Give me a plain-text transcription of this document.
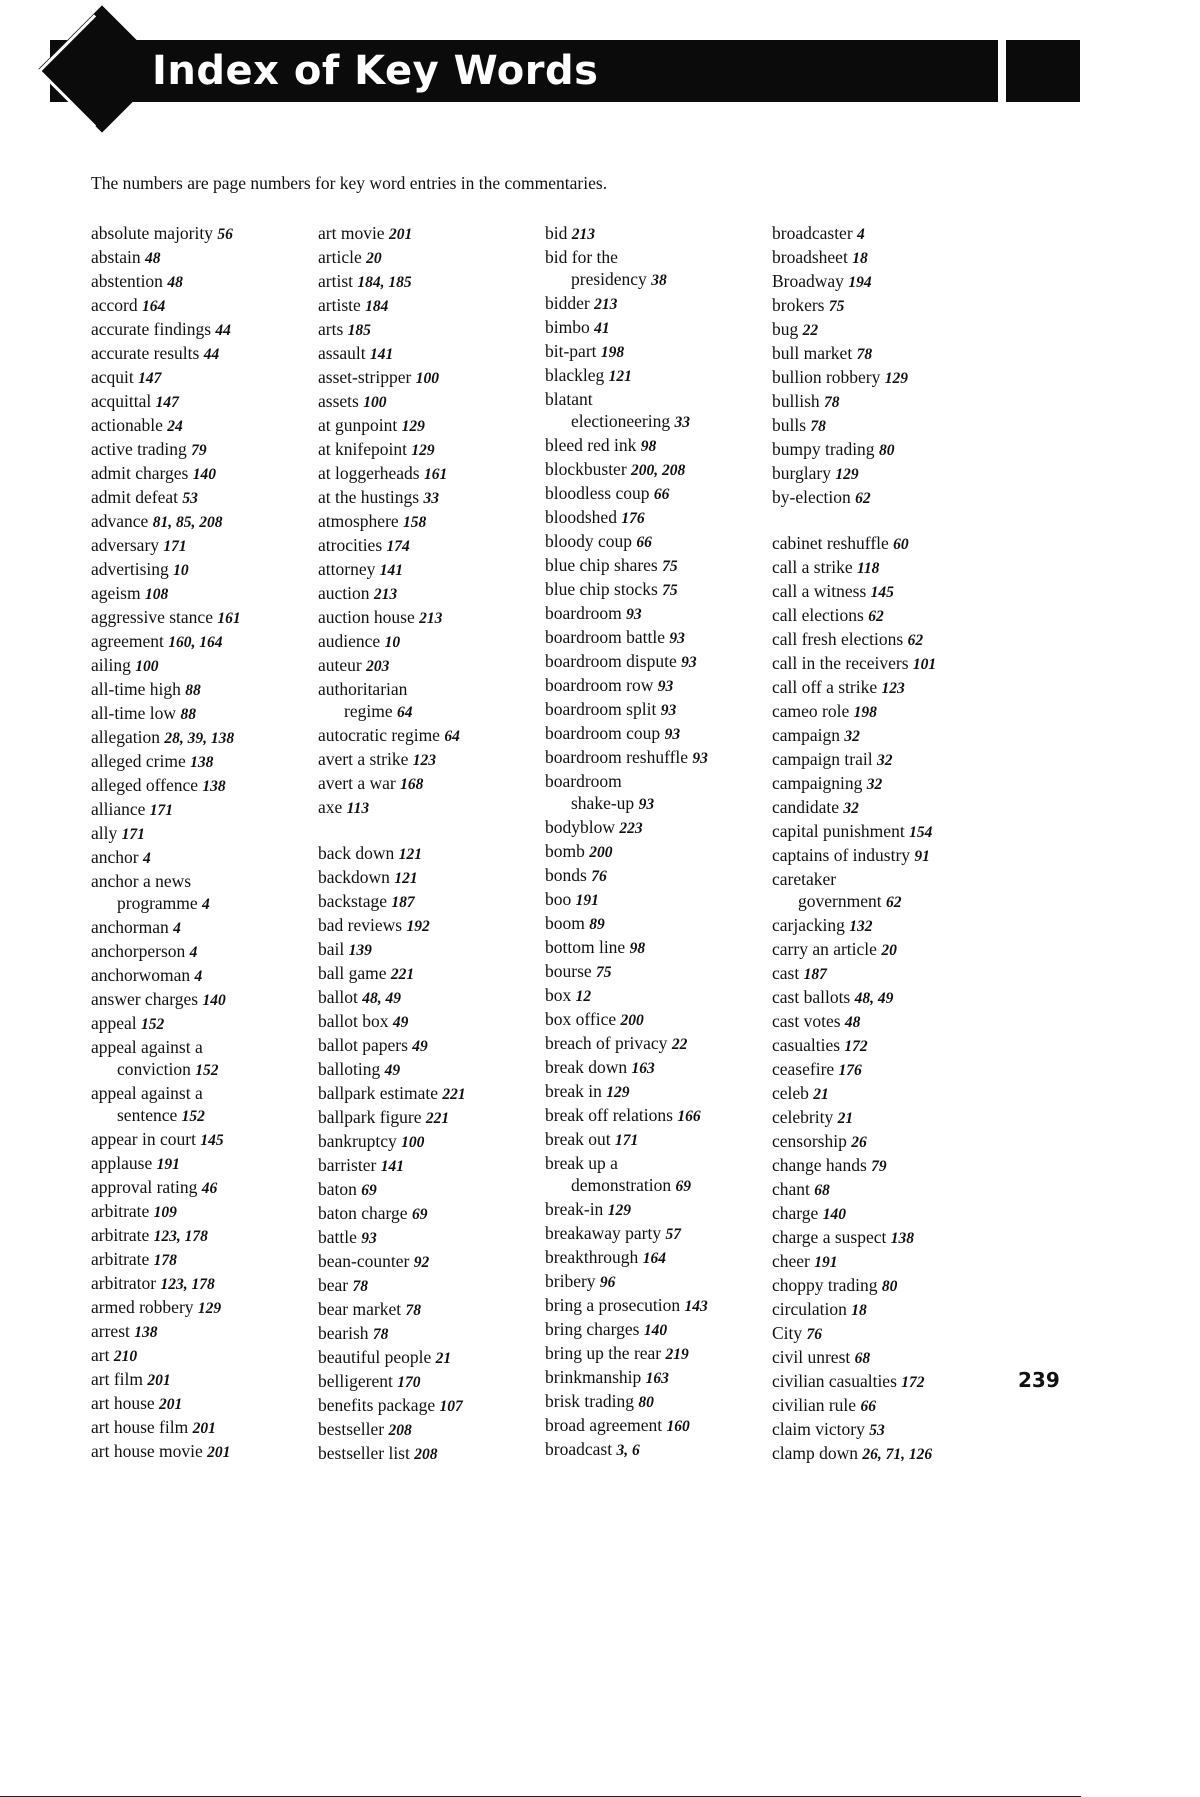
Index of Key Words

The numbers are page numbers for key word entries in the commentaries.

absolute majority 56
abstain 48
abstention 48
accord 164
accurate findings 44
accurate results 44
acquit 147
acquittal 147
actionable 24
active trading 79
admit charges 140
admit defeat 53
advance 81, 85, 208
adversary 171
advertising 10
ageism 108
aggressive stance 161
agreement 160, 164
ailing 100
all-time high 88
all-time low 88
allegation 28, 39, 138
alleged crime 138
alleged offence 138
alliance 171
ally 171
anchor 4
anchor a news
programme 4
anchorman 4
anchorperson 4
anchorwoman 4
answer charges 140
appeal 152
appeal against a
conviction 152
appeal against a
sentence 152
appear in court 145
applause 191
approval rating 46
arbitrate 109
arbitrate 123, 178
arbitrate 178
arbitrator 123, 178
armed robbery 129
arrest 138
art 210
art film 201
art house 201
art house film 201
art house movie 201
art movie 201
article 20
artist 184, 185
artiste 184
arts 185
assault 141
asset-stripper 100
assets 100
at gunpoint 129
at knifepoint 129
at loggerheads 161
at the hustings 33
atmosphere 158
atrocities 174
attorney 141
auction 213
auction house 213
audience 10
auteur 203
authoritarian
regime 64
autocratic regime 64
avert a strike 123
avert a war 168
axe 113
back down 121
backdown 121
backstage 187
bad reviews 192
bail 139
ball game 221
ballot 48, 49
ballot box 49
ballot papers 49
balloting 49
ballpark estimate 221
ballpark figure 221
bankruptcy 100
barrister 141
baton 69
baton charge 69
battle 93
bean-counter 92
bear 78
bear market 78
bearish 78
beautiful people 21
belligerent 170
benefits package 107
bestseller 208
bestseller list 208
bid 213
bid for the
presidency 38
bidder 213
bimbo 41
bit-part 198
blackleg 121
blatant
electioneering 33
bleed red ink 98
blockbuster 200, 208
bloodless coup 66
bloodshed 176
bloody coup 66
blue chip shares 75
blue chip stocks 75
boardroom 93
boardroom battle 93
boardroom dispute 93
boardroom row 93
boardroom split 93
boardroom coup 93
boardroom reshuffle 93
boardroom
shake-up 93
bodyblow 223
bomb 200
bonds 76
boo 191
boom 89
bottom line 98
bourse 75
box 12
box office 200
breach of privacy 22
break down 163
break in 129
break off relations 166
break out 171
break up a
demonstration 69
break-in 129
breakaway party 57
breakthrough 164
bribery 96
bring a prosecution 143
bring charges 140
bring up the rear 219
brinkmanship 163
brisk trading 80
broad agreement 160
broadcast 3, 6
broadcaster 4
broadsheet 18
Broadway 194
brokers 75
bug 22
bull market 78
bullion robbery 129
bullish 78
bulls 78
bumpy trading 80
burglary 129
by-election 62
cabinet reshuffle 60
call a strike 118
call a witness 145
call elections 62
call fresh elections 62
call in the receivers 101
call off a strike 123
cameo role 198
campaign 32
campaign trail 32
campaigning 32
candidate 32
capital punishment 154
captains of industry 91
caretaker
government 62
carjacking 132
carry an article 20
cast 187
cast ballots 48, 49
cast votes 48
casualties 172
ceasefire 176
celeb 21
celebrity 21
censorship 26
change hands 79
chant 68
charge 140
charge a suspect 138
cheer 191
choppy trading 80
circulation 18
City 76
civil unrest 68
civilian casualties 172
civilian rule 66
claim victory 53
clamp down 26, 71, 126
239
